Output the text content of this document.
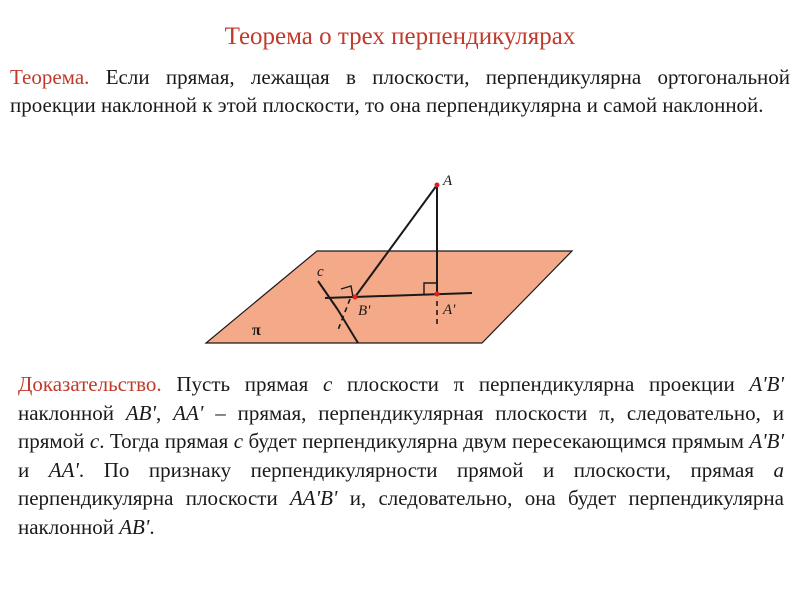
Теорема о трех перпендикулярах
Теорема. Если прямая, лежащая в плоскости, перпендикулярна ортогональной проекции наклонной к этой плоскости, то она перпендикулярна и самой наклонной.
A
B'	A'
c
π
Доказательство. Пусть прямая c плоскости π перпендикулярна проекции A'B' наклонной AB', AA' – прямая, перпендикулярная плоскости π, следовательно, и прямой c. Тогда прямая c будет перпендикулярна двум пересекающимся прямым A'B' и AA'. По признаку перпендикулярности прямой и плоскости, прямая a перпендикулярна плоскости AA'B' и, следовательно, она будет перпендикулярна наклонной AB'.
